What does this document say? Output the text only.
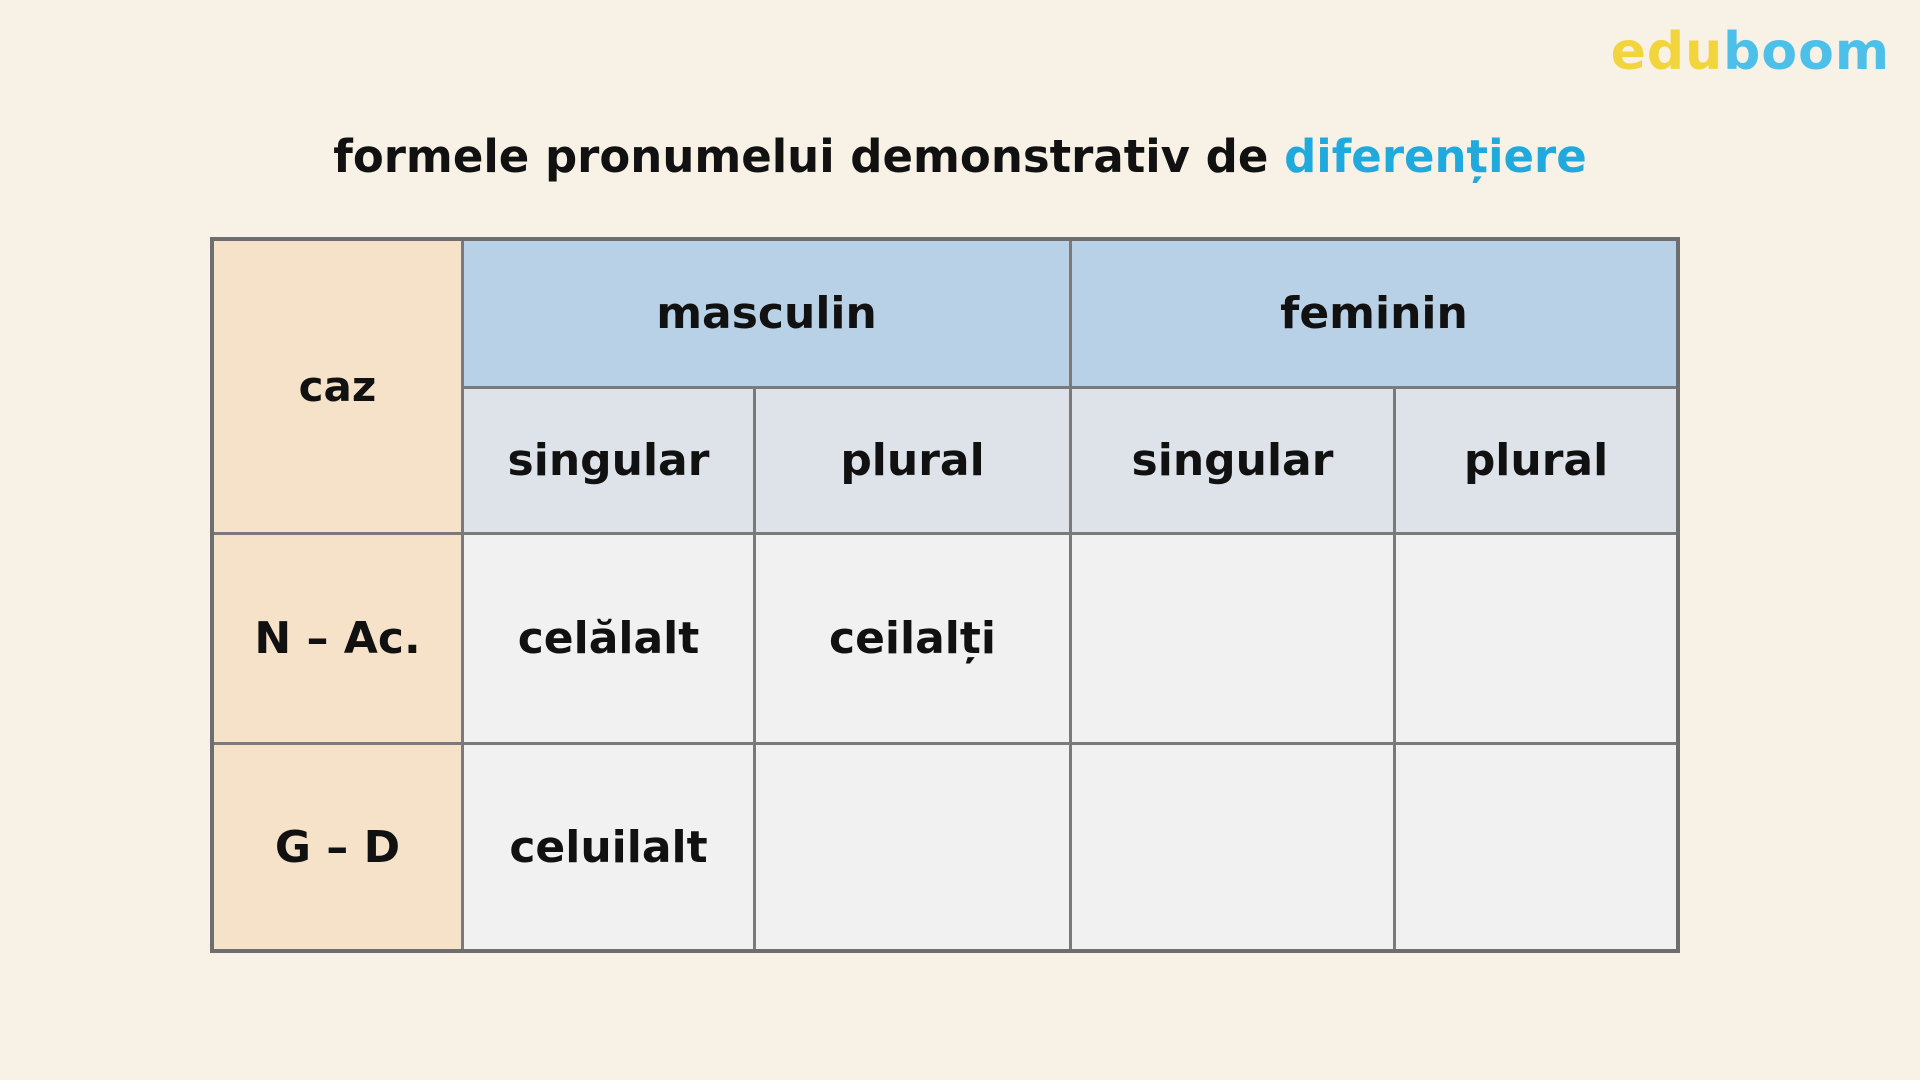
eduboom
formele pronumelui demonstrativ de diferențiere
caz
masculin	feminin
singular	plural	singular	plural
N – Ac.	celălalt	ceilalți
G – D	celuilalt
